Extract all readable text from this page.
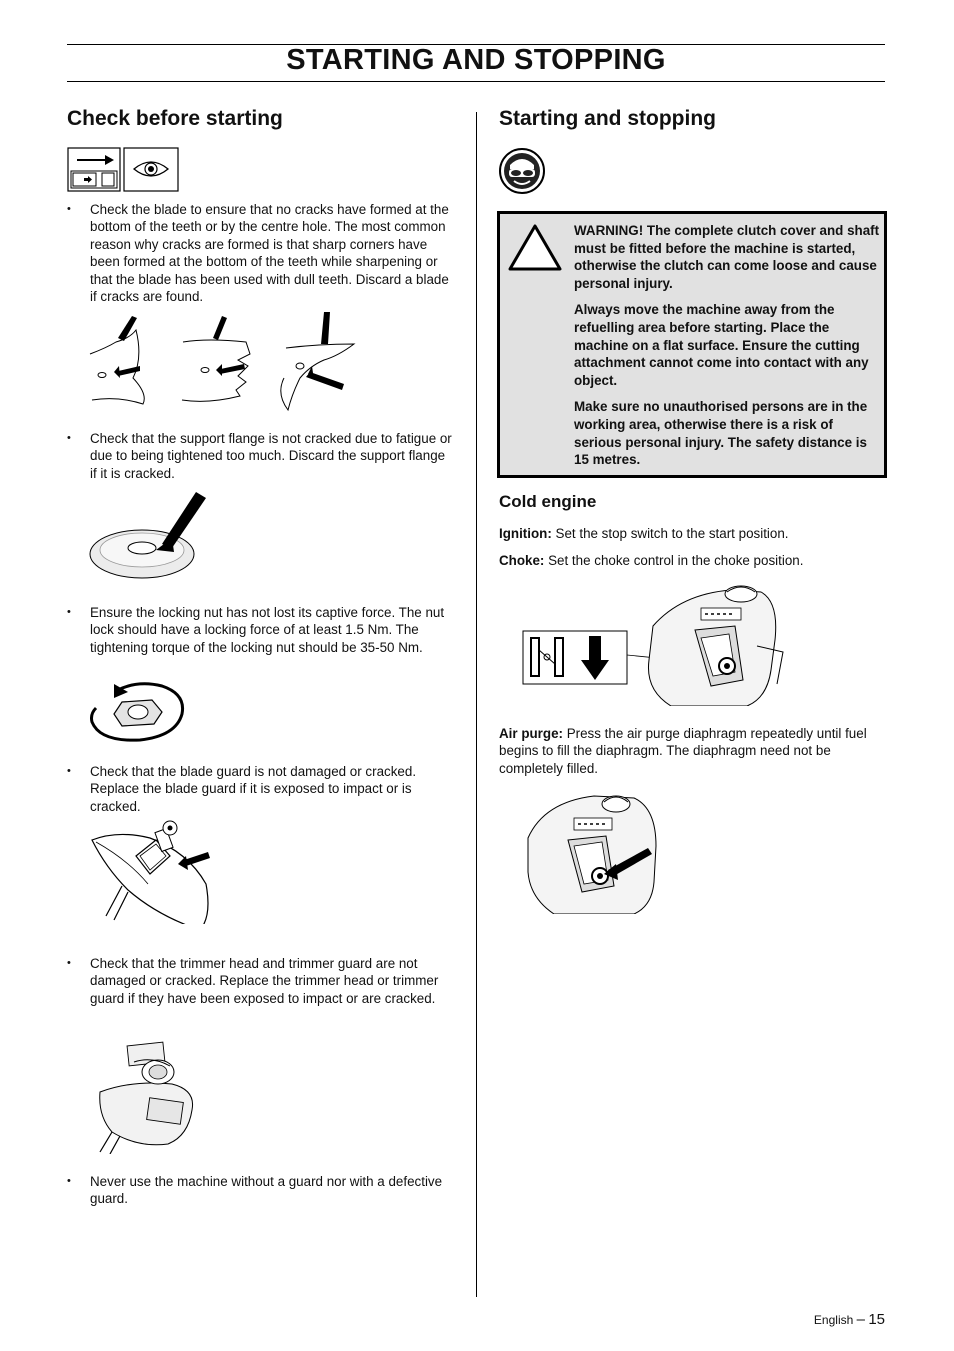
STARTING AND STOPPING
Check before starting
•	Check the blade to ensure that no cracks have formed at the bottom of the teeth or by the centre hole. The most common reason why cracks are formed is that sharp corners have been formed at the bottom of the teeth while sharpening or that the blade has been used with dull teeth. Discard a blade if cracks are found.
•	Check that the support flange is not cracked due to fatigue or due to being tightened too much. Discard the support flange if it is cracked.
•	Ensure the locking nut has not lost its captive force. The nut lock should have a locking force of at least 1.5 Nm. The tightening torque of the locking nut should be 35-50 Nm.
•	Check that the blade guard is not damaged or cracked. Replace the blade guard if it is exposed to impact or is cracked.
•	Check that the trimmer head and trimmer guard are not damaged or cracked. Replace the trimmer head or trimmer guard if they have been exposed to impact or are cracked.
•	Never use the machine without a guard nor with a defective guard.
Starting and stopping

WARNING! The complete clutch cover and shaft must be fitted before the machine is started, otherwise the clutch can come loose and cause personal injury.

Always move the machine away from the refuelling area before starting. Place the machine on a flat surface. Ensure the cutting attachment cannot come into contact with any object.

Make sure no unauthorised persons are in the working area, otherwise there is a risk of serious personal injury. The safety distance is 15 metres.

Cold engine
Ignition: Set the stop switch to the start position.
Choke: Set the choke control in the choke position.
Air purge: Press the air purge diaphragm repeatedly until fuel begins to fill the diaphragm. The diaphragm need not be completely filled.
English – 15
